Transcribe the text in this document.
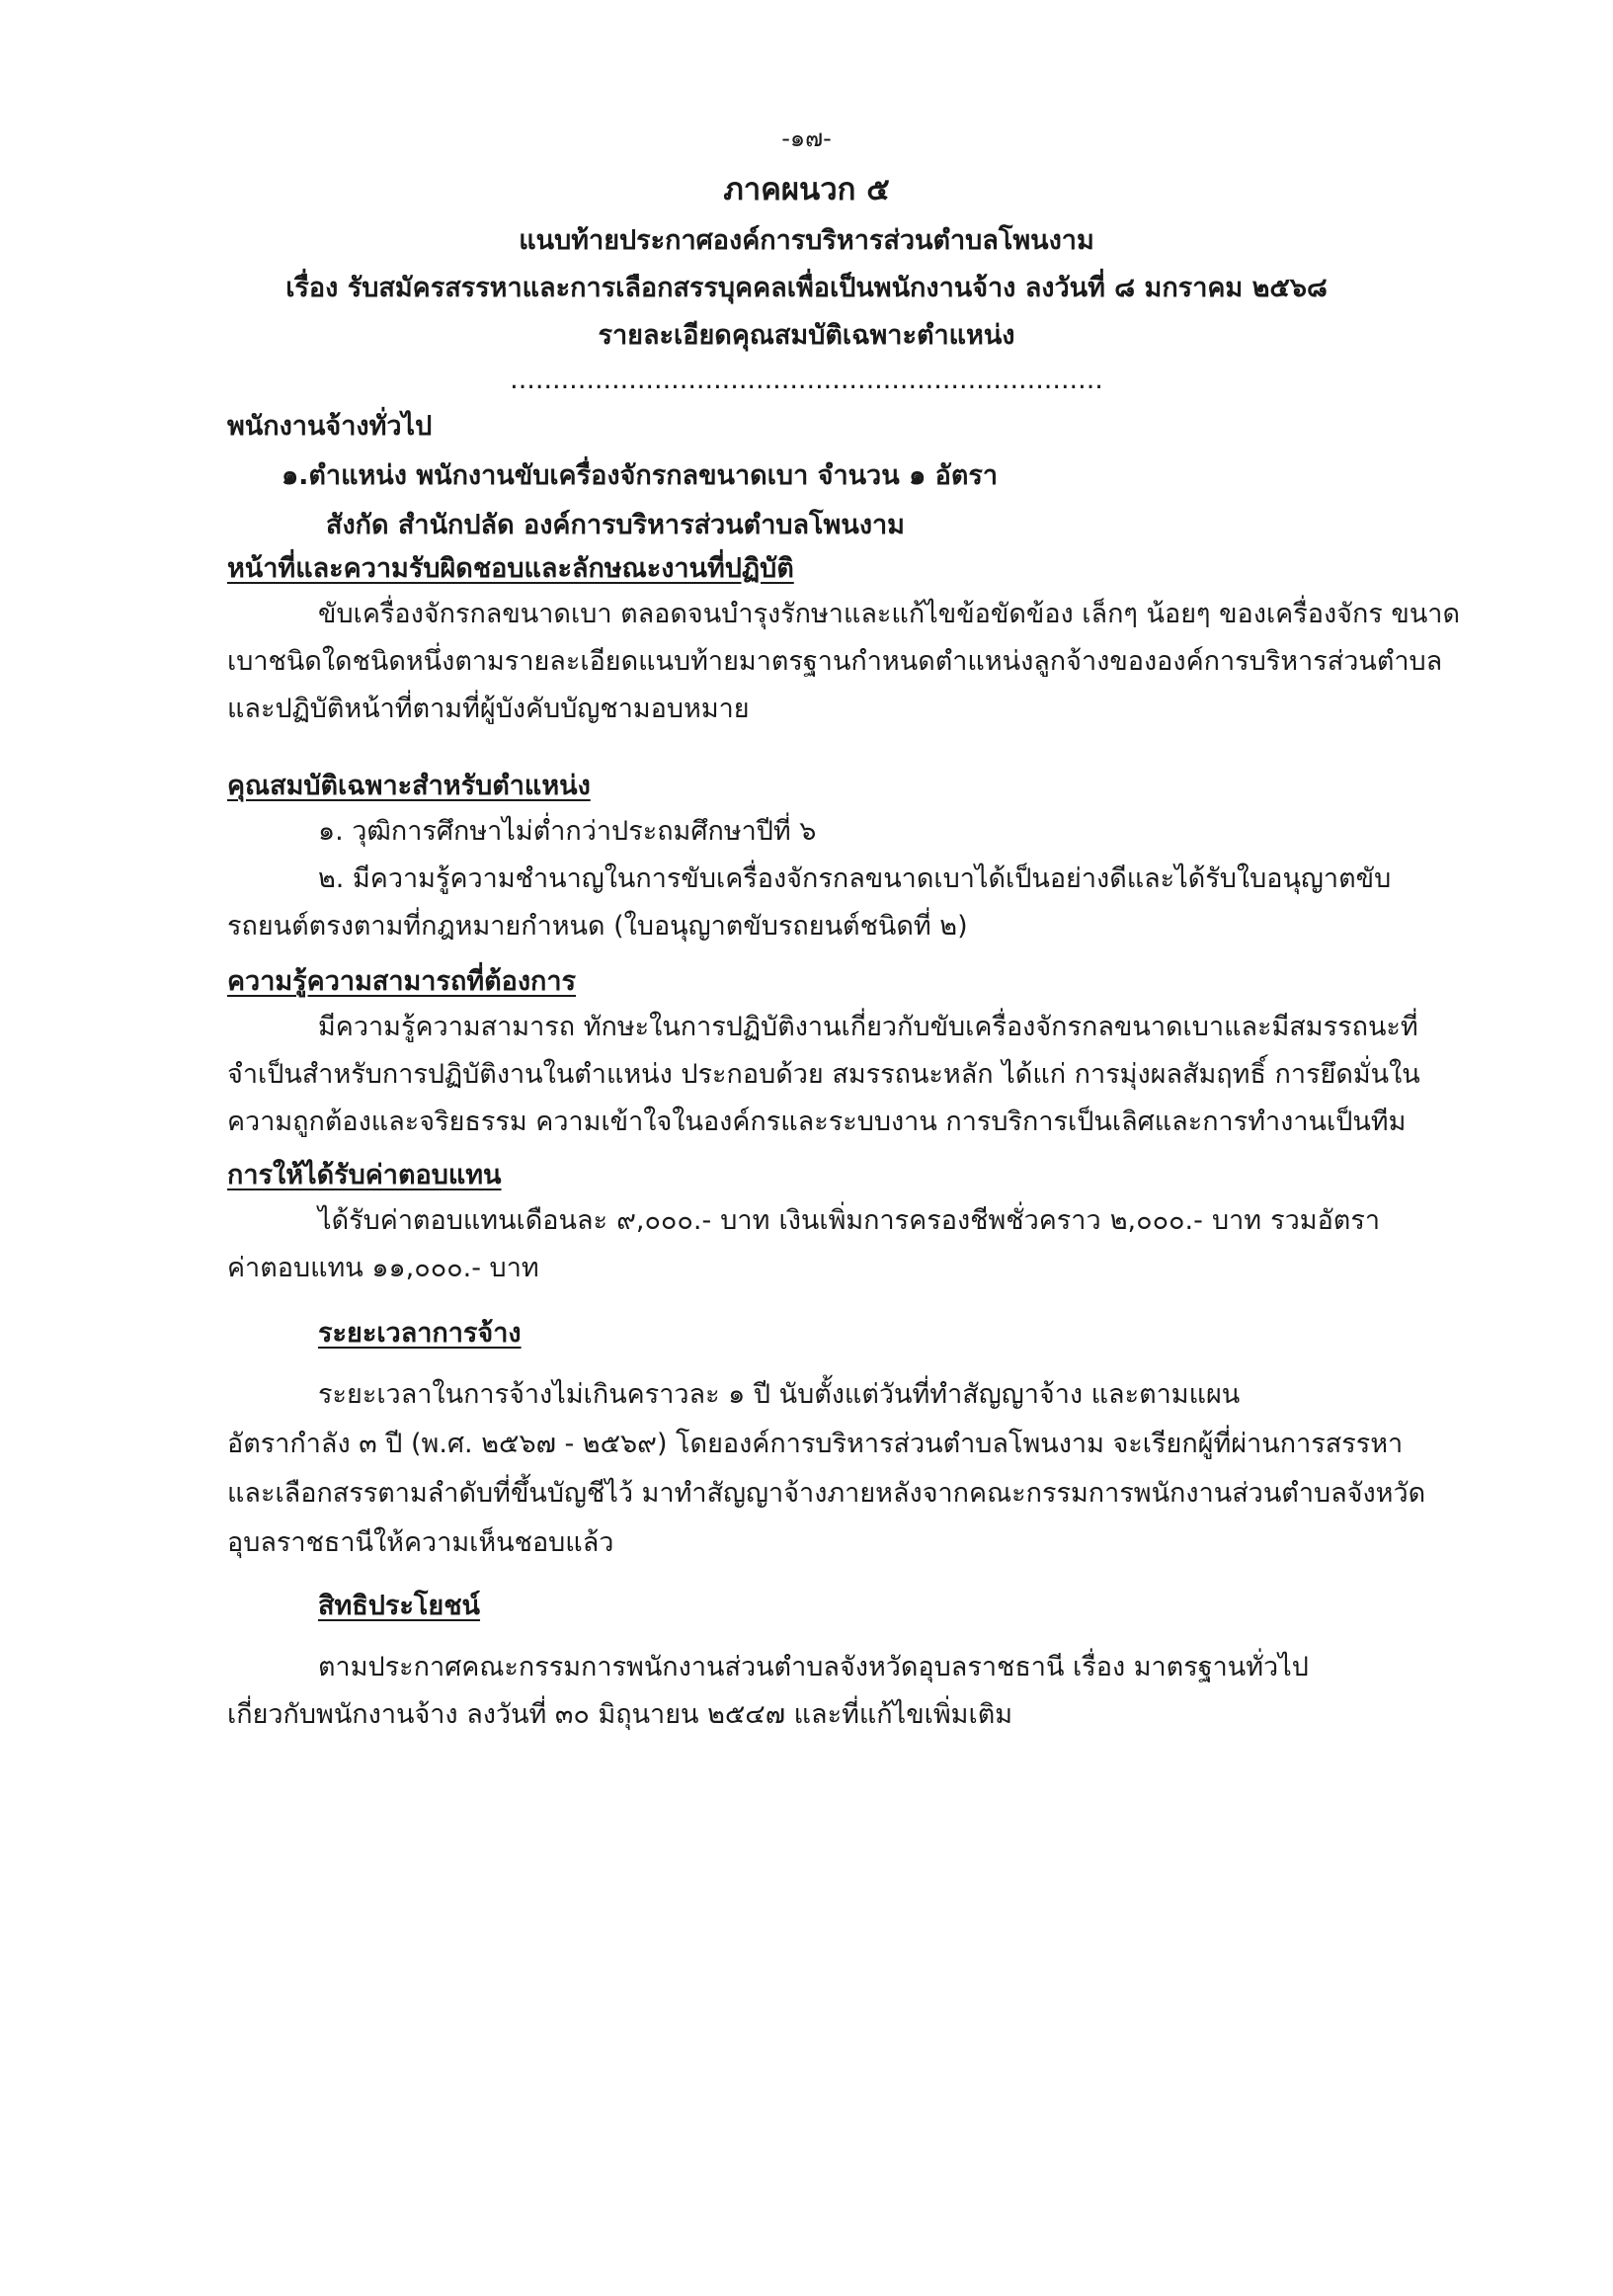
-๑๗-
ภาคผนวก ๕
แนบท้ายประกาศองค์การบริหารส่วนตำบลโพนงาม
เรื่อง รับสมัครสรรหาและการเลือกสรรบุคคลเพื่อเป็นพนักงานจ้าง ลงวันที่ ๘ มกราคม ๒๕๖๘
รายละเอียดคุณสมบัติเฉพาะตำแหน่ง
......................................................................
พนักงานจ้างทั่วไป
๑.ตำแหน่ง พนักงานขับเครื่องจักรกลขนาดเบา จำนวน ๑ อัตรา
สังกัด สำนักปลัด องค์การบริหารส่วนตำบลโพนงาม
หน้าที่และความรับผิดชอบและลักษณะงานที่ปฏิบัติ
ขับเครื่องจักรกลขนาดเบา ตลอดจนบำรุงรักษาและแก้ไขข้อขัดข้อง เล็กๆ น้อยๆ ของเครื่องจักร ขนาด
เบาชนิดใดชนิดหนึ่งตามรายละเอียดแนบท้ายมาตรฐานกำหนดตำแหน่งลูกจ้างขององค์การบริหารส่วนตำบล
และปฏิบัติหน้าที่ตามที่ผู้บังคับบัญชามอบหมาย
คุณสมบัติเฉพาะสำหรับตำแหน่ง
๑. วุฒิการศึกษาไม่ต่ำกว่าประถมศึกษาปีที่ ๖
๒. มีความรู้ความชำนาญในการขับเครื่องจักรกลขนาดเบาได้เป็นอย่างดีและได้รับใบอนุญาตขับ
รถยนต์ตรงตามที่กฎหมายกำหนด (ใบอนุญาตขับรถยนต์ชนิดที่ ๒)
ความรู้ความสามารถที่ต้องการ
มีความรู้ความสามารถ ทักษะในการปฏิบัติงานเกี่ยวกับขับเครื่องจักรกลขนาดเบาและมีสมรรถนะที่
จำเป็นสำหรับการปฏิบัติงานในตำแหน่ง ประกอบด้วย สมรรถนะหลัก ได้แก่ การมุ่งผลสัมฤทธิ์ การยึดมั่นใน
ความถูกต้องและจริยธรรม ความเข้าใจในองค์กรและระบบงาน การบริการเป็นเลิศและการทำงานเป็นทีม
การให้ได้รับค่าตอบแทน
ได้รับค่าตอบแทนเดือนละ ๙,๐๐๐.- บาท เงินเพิ่มการครองชีพชั่วคราว ๒,๐๐๐.- บาท รวมอัตรา
ค่าตอบแทน ๑๑,๐๐๐.- บาท
ระยะเวลาการจ้าง
ระยะเวลาในการจ้างไม่เกินคราวละ ๑ ปี นับตั้งแต่วันที่ทำสัญญาจ้าง และตามแผน
อัตรากำลัง ๓ ปี (พ.ศ. ๒๕๖๗ - ๒๕๖๙) โดยองค์การบริหารส่วนตำบลโพนงาม จะเรียกผู้ที่ผ่านการสรรหา
และเลือกสรรตามลำดับที่ขึ้นบัญชีไว้ มาทำสัญญาจ้างภายหลังจากคณะกรรมการพนักงานส่วนตำบลจังหวัด
อุบลราชธานีให้ความเห็นชอบแล้ว
สิทธิประโยชน์
ตามประกาศคณะกรรมการพนักงานส่วนตำบลจังหวัดอุบลราชธานี เรื่อง มาตรฐานทั่วไป
เกี่ยวกับพนักงานจ้าง ลงวันที่ ๓๐ มิถุนายน ๒๕๔๗ และที่แก้ไขเพิ่มเติม
